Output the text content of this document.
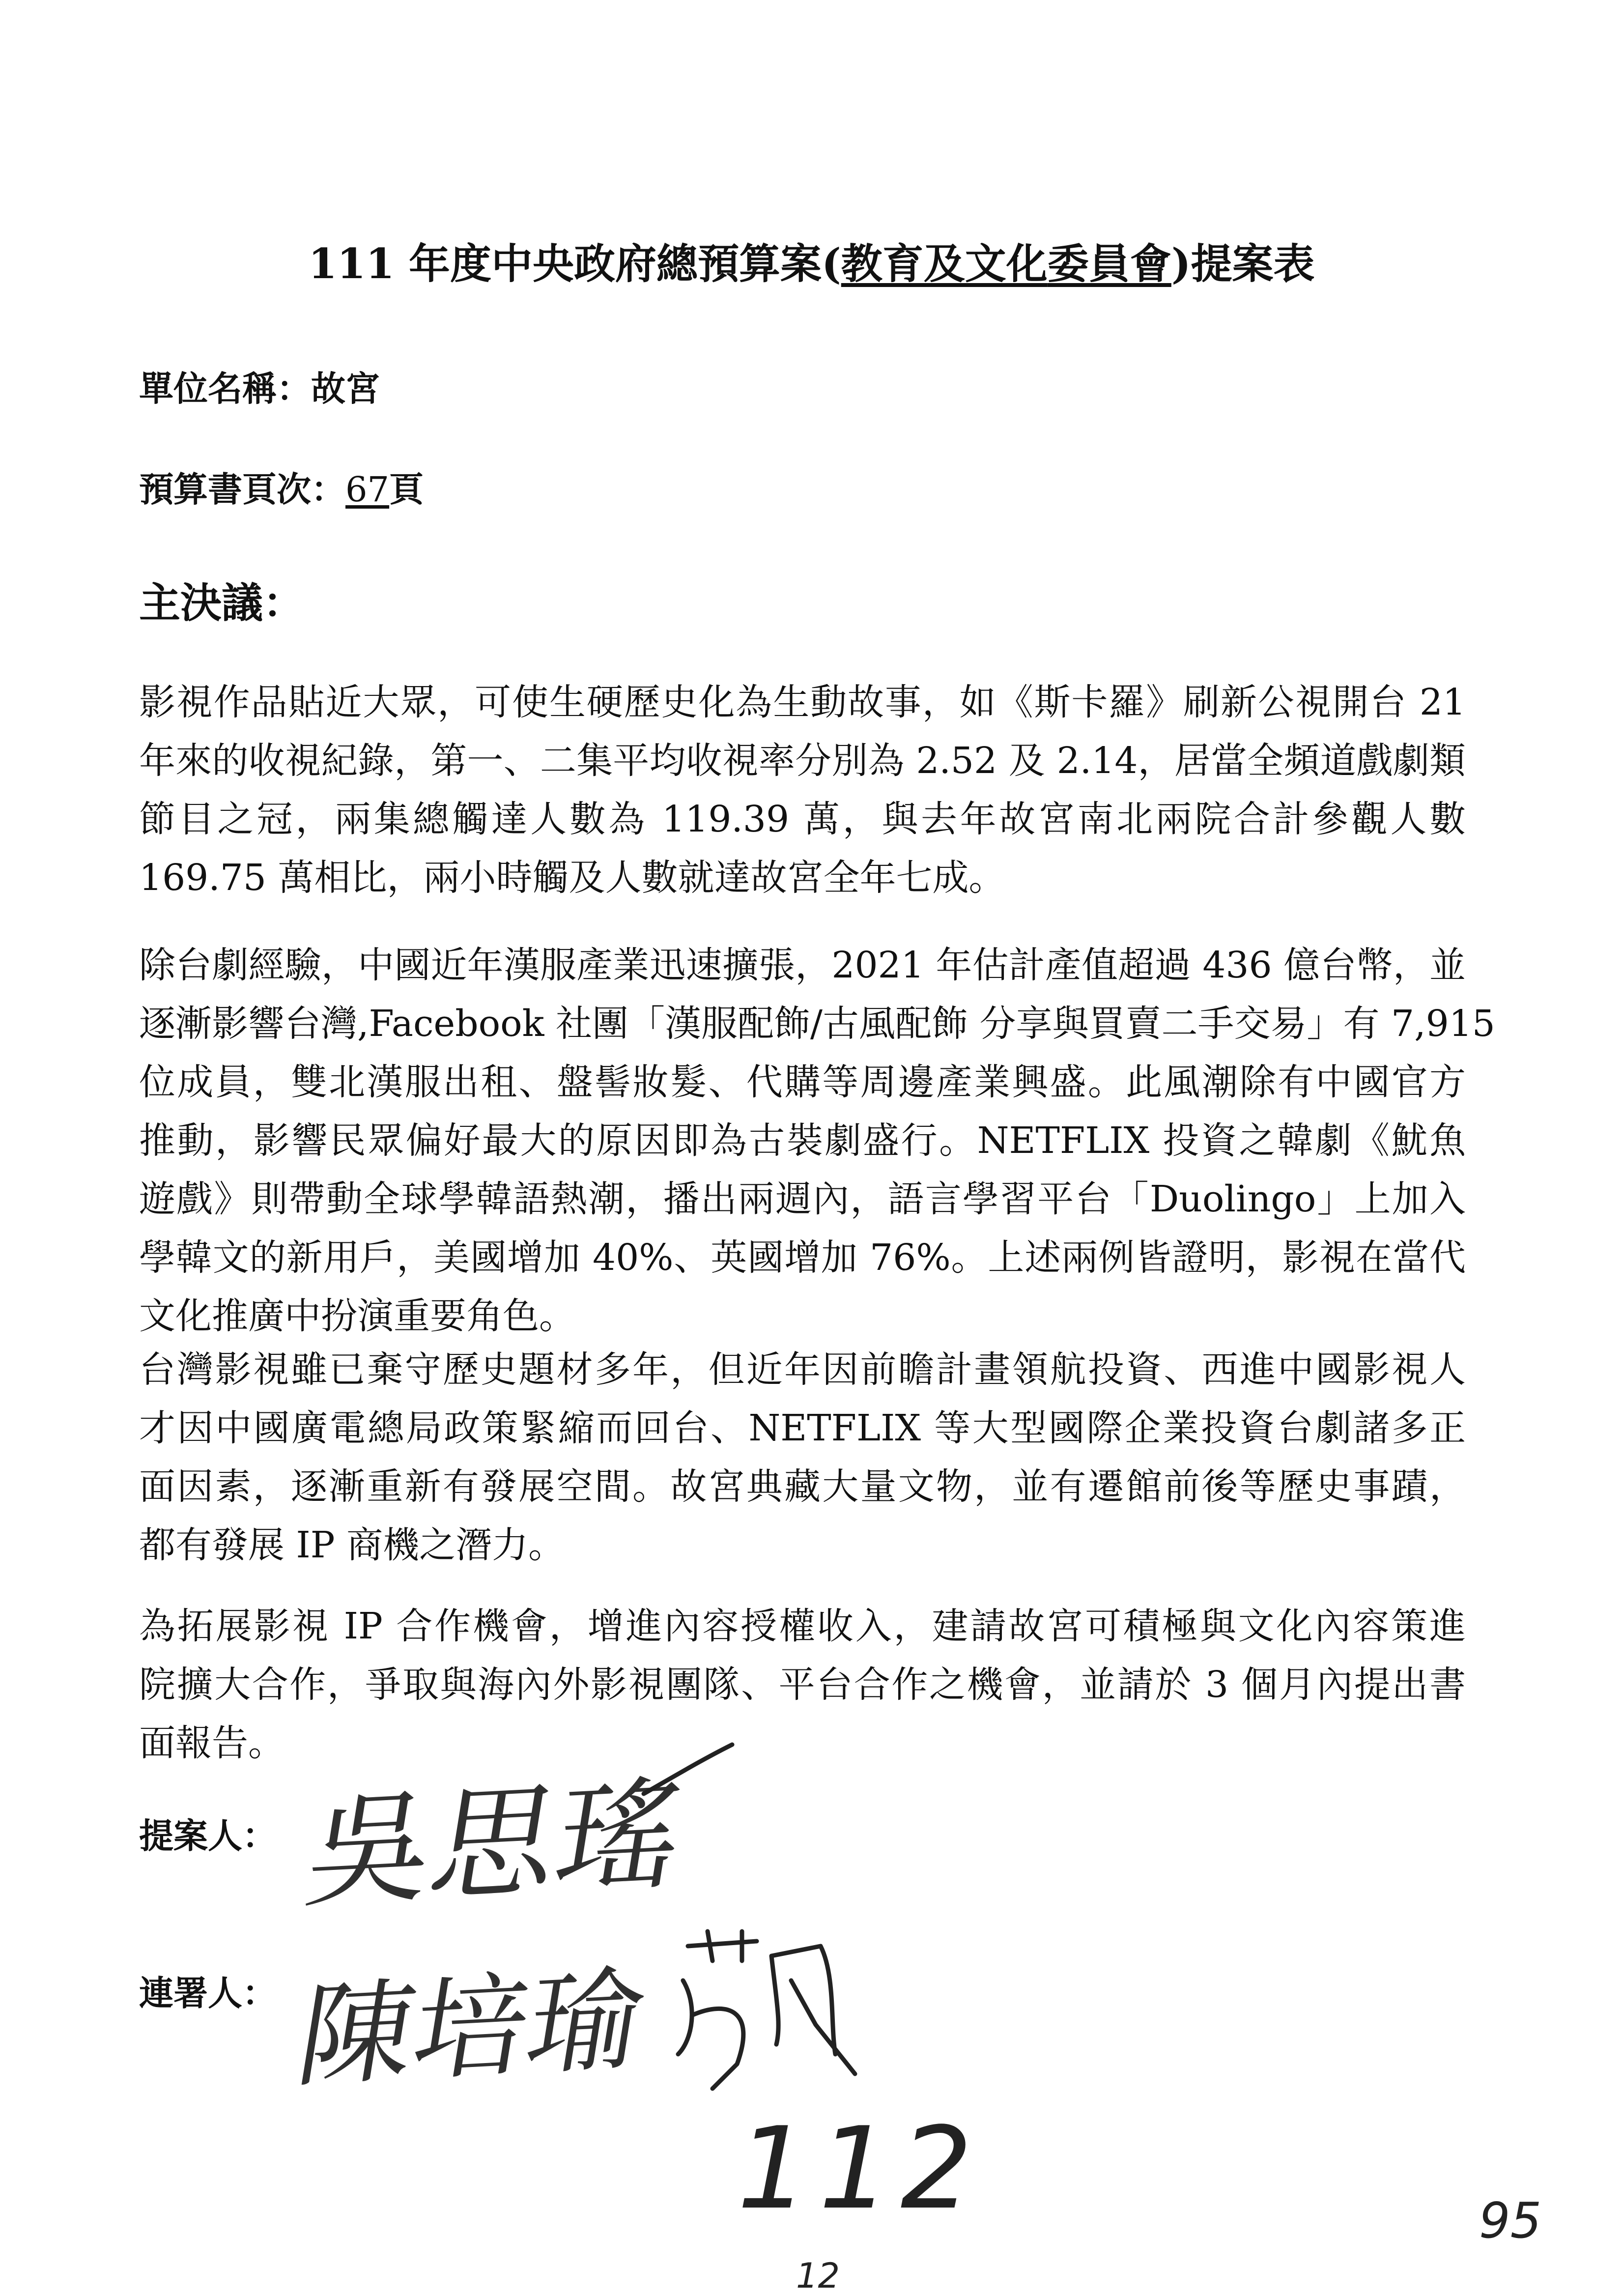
111 年度中央政府總預算案(教育及文化委員會)提案表
單位名稱：故宮
預算書頁次：67頁
主決議：
影視作品貼近大眾，可使生硬歷史化為生動故事，如《斯卡羅》刷新公視開台 21
年來的收視紀錄，第一、二集平均收視率分別為 2.52 及 2.14，居當全頻道戲劇類
節目之冠，兩集總觸達人數為 119.39 萬，與去年故宮南北兩院合計參觀人數
169.75 萬相比，兩小時觸及人數就達故宮全年七成。
除台劇經驗，中國近年漢服產業迅速擴張，2021 年估計產值超過 436 億台幣，並
逐漸影響台灣,Facebook 社團「漢服配飾/古風配飾 分享與買賣二手交易」有 7,915
位成員，雙北漢服出租、盤髻妝髮、代購等周邊產業興盛。此風潮除有中國官方
推動，影響民眾偏好最大的原因即為古裝劇盛行。NETFLIX 投資之韓劇《魷魚
遊戲》則帶動全球學韓語熱潮，播出兩週內，語言學習平台「Duolingo」上加入
學韓文的新用戶，美國增加 40%、英國增加 76%。上述兩例皆證明，影視在當代
文化推廣中扮演重要角色。
台灣影視雖已棄守歷史題材多年，但近年因前瞻計畫領航投資、西進中國影視人
才因中國廣電總局政策緊縮而回台、NETFLIX 等大型國際企業投資台劇諸多正
面因素，逐漸重新有發展空間。故宮典藏大量文物，並有遷館前後等歷史事蹟，
都有發展 IP 商機之潛力。
為拓展影視 IP 合作機會，增進內容授權收入，建請故宮可積極與文化內容策進
院擴大合作，爭取與海內外影視團隊、平台合作之機會，並請於 3 個月內提出書
面報告。
提案人：
連署人：
吳思瑤
陳培瑜
112	95
12
